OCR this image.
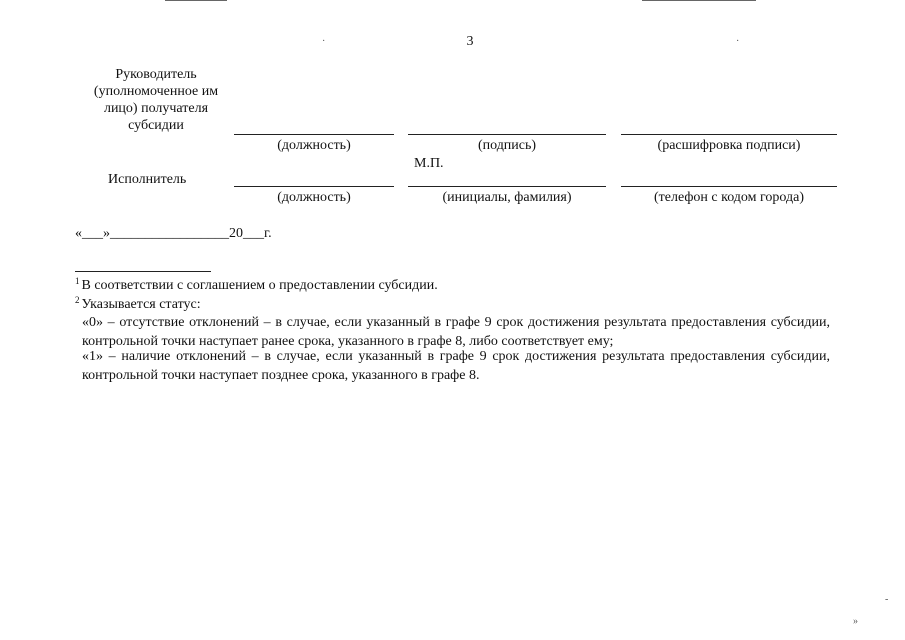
3
Руководитель (уполномоченное им лицо) получателя субсидии
(должность)	(подпись)	(расшифровка подписи)
М.П.
Исполнитель
(должность)	(инициалы, фамилия)	(телефон с кодом города)
«___»_________________20___г.
$^1$ В соответствии с соглашением о предоставлении субсидии.
$^2$ Указывается статус:
«0» – отсутствие отклонений – в случае, если указанный в графе 9 срок достижения результата предоставления субсидии, контрольной точки наступает ранее срока, указанного в графе 8, либо соответствует ему;
«1» – наличие отклонений – в случае, если указанный в графе 9 срок достижения результата предоставления субсидии, контрольной точки наступает позднее срока, указанного в графе 8.
·	·
»
-
